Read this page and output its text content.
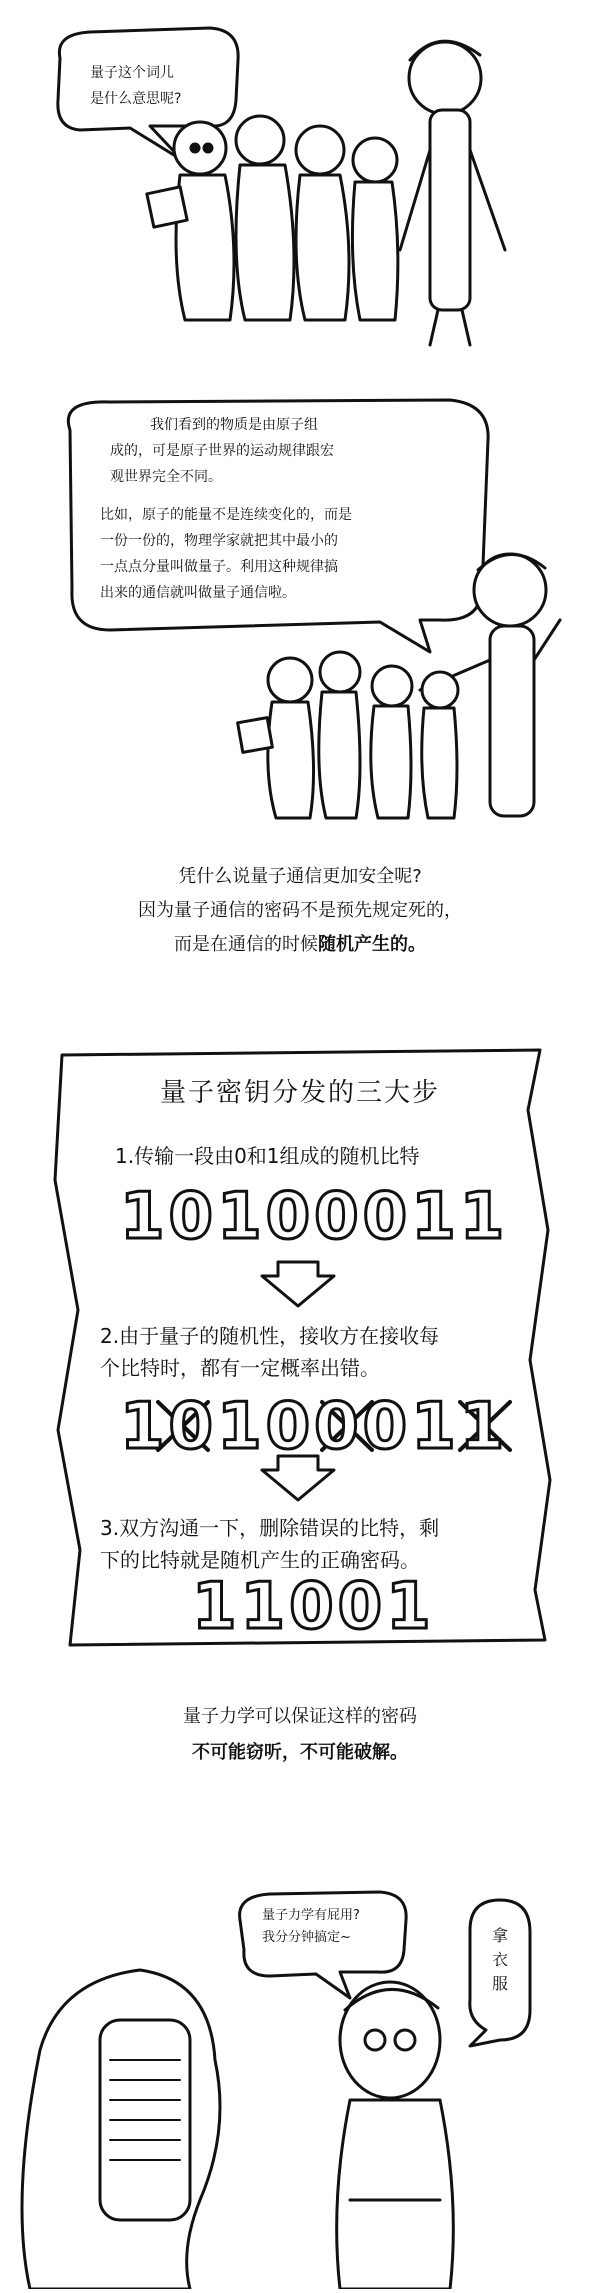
量子这个词儿
是什么意思呢?
我们看到的物质是由原子组
成的，可是原子世界的运动规律跟宏
观世界完全不同。
比如，原子的能量不是连续变化的，而是
一份一份的，物理学家就把其中最小的
一点点分量叫做量子。利用这种规律搞
出来的通信就叫做量子通信啦。
凭什么说量子通信更加安全呢?
因为量子通信的密码不是预先规定死的，
而是在通信的时候随机产生的。
量子密钥分发的三大步
1.传输一段由0和1组成的随机比特
10100011
2.由于量子的随机性，接收方在接收每
个比特时，都有一定概率出错。
10100011
3.双方沟通一下，删除错误的比特，剩
下的比特就是随机产生的正确密码。
11001
量子力学可以保证这样的密码
不可能窃听，不可能破解。
量子力学有屁用?
我分分钟搞定~	拿
衣
服
